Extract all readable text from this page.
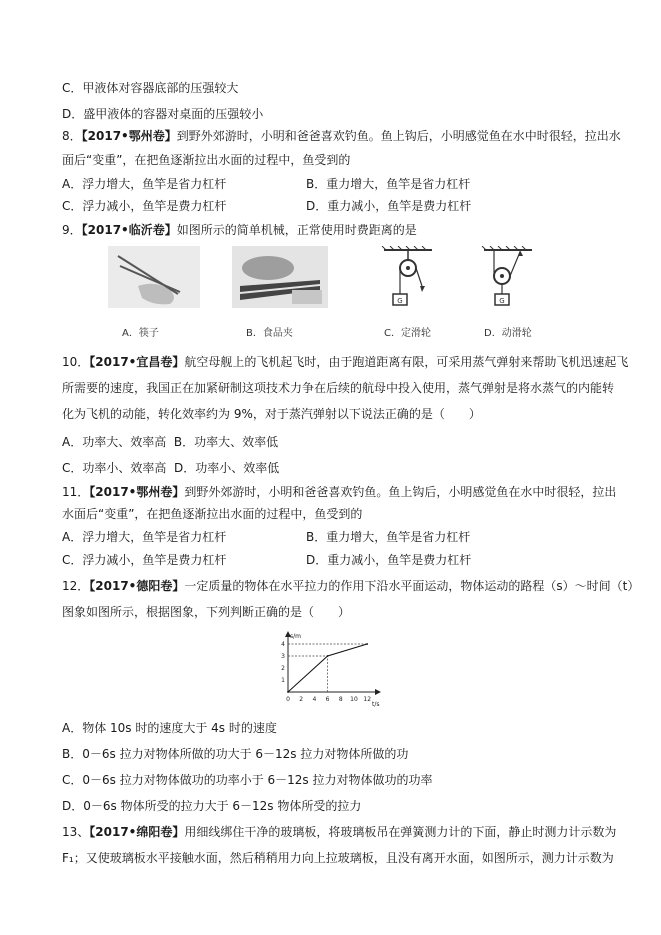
C．甲液体对容器底部的压强较大
D．盛甲液体的容器对桌面的压强较小
8．【2017•鄂州卷】到野外郊游时，小明和爸爸喜欢钓鱼。鱼上钩后，小明感觉鱼在水中时很轻，拉出水
面后“变重”，在把鱼逐渐拉出水面的过程中，鱼受到的
A．浮力增大，鱼竿是省力杠杆	B．重力增大，鱼竿是省力杠杆
C．浮力减小，鱼竿是费力杠杆	D．重力减小，鱼竿是费力杠杆
9．【2017•临沂卷】如图所示的简单机械，正常使用时费距离的是
A．筷子	B．食品夹
G
C．定滑轮
G
D．动滑轮
10．【2017•宜昌卷】航空母舰上的飞机起飞时，由于跑道距离有限，可采用蒸气弹射来帮助飞机迅速起飞
所需要的速度，我国正在加紧研制这项技术力争在后续的航母中投入使用，蒸气弹射是将水蒸气的内能转
化为飞机的动能，转化效率约为 9%，对于蒸汽弹射以下说法正确的是（　　）
A．功率大、效率高 B．功率大、效率低
C．功率小、效率高 D．功率小、效率低
11．【2017•鄂州卷】到野外郊游时，小明和爸爸喜欢钓鱼。鱼上钩后，小明感觉鱼在水中时很轻，拉出
水面后“变重”，在把鱼逐渐拉出水面的过程中，鱼受到的
A．浮力增大，鱼竿是省力杠杆	B．重力增大，鱼竿是省力杠杆
C．浮力减小，鱼竿是费力杠杆	D．重力减小，鱼竿是费力杠杆
12．【2017•德阳卷】一定质量的物体在水平拉力的作用下沿水平面运动，物体运动的路程（s）～时间（t）
图象如图所示，根据图象，下列判断正确的是（　　）
s/m
t/s
0 2 4 6 8 10 12
1
2
3
4
A．物体 10s 时的速度大于 4s 时的速度
B．0－6s 拉力对物体所做的功大于 6－12s 拉力对物体所做的功
C．0－6s 拉力对物体做功的功率小于 6－12s 拉力对物体做功的功率
D．0－6s 物体所受的拉力大于 6－12s 物体所受的拉力
13、【2017•绵阳卷】用细线绑住干净的玻璃板，将玻璃板吊在弹簧测力计的下面，静止时测力计示数为
F₁；又使玻璃板水平接触水面，然后稍稍用力向上拉玻璃板，且没有离开水面，如图所示，测力计示数为
